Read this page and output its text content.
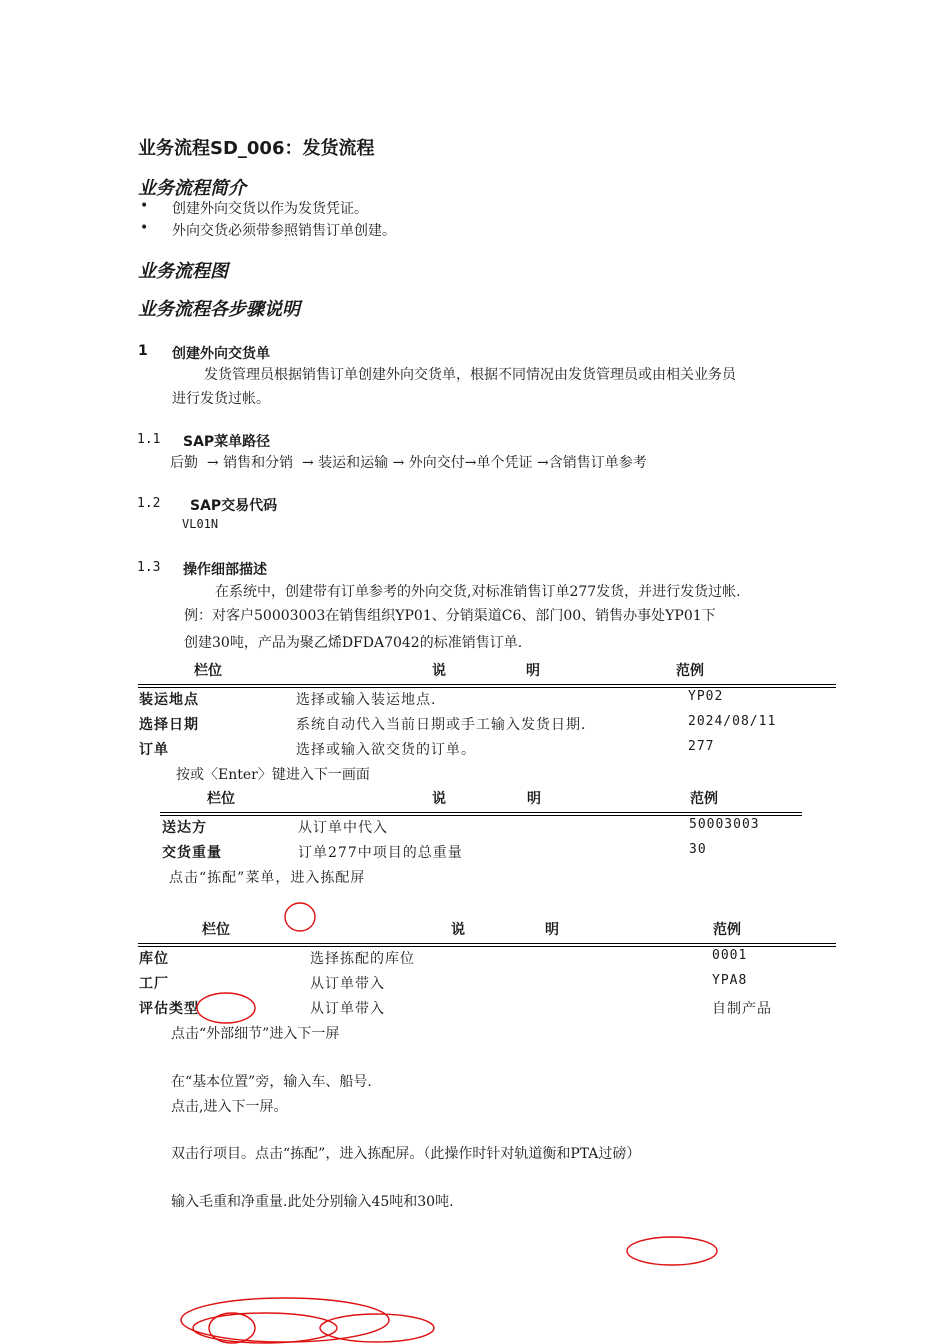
业务流程SD_006：发货流程
业务流程简介
• 创建外向交货以作为发货凭证。
• 外向交货必须带参照销售订单创建。
业务流程图
业务流程各步骤说明
1 创建外向交货单
发货管理员根据销售订单创建外向交货单，根据不同情况由发货管理员或由相关业务员
进行发货过帐。
1.1 SAP菜单路径
后勤  → 销售和分销  → 装运和运输 → 外向交付→单个凭证 →含销售订单参考
1.2 SAP交易代码
VL01N
1.3 操作细部描述
在系统中，创建带有订单参考的外向交货,对标准销售订单277发货，并进行发货过帐.
例：对客户50003003在销售组织YP01、分销渠道C6、部门00、销售办事处YP01下
创建30吨，产品为聚乙烯DFDA7042的标准销售订单.
栏位	说	明	范例
装运地点	选择或输入装运地点.	YP02
选择日期	系统自动代入当前日期或手工输入发货日期.	2024/08/11
订单	选择或输入欲交货的订单。	277
按或〈Enter〉键进入下一画面
栏位	说	明	范例
送达方	从订单中代入	50003003
交货重量	订单277中项目的总重量	30
点击“拣配”菜单，进入拣配屏
栏位	说	明	范例
库位	选择拣配的库位	0001
工厂	从订单带入	YPA8
评估类型	从订单带入	自制产品
点击“外部细节”进入下一屏
在“基本位置”旁，输入车、船号.
点击,进入下一屏。
双击行项目。点击“拣配”，进入拣配屏。（此操作时针对轨道衡和PTA过磅）
输入毛重和净重量.此处分别输入45吨和30吨.
